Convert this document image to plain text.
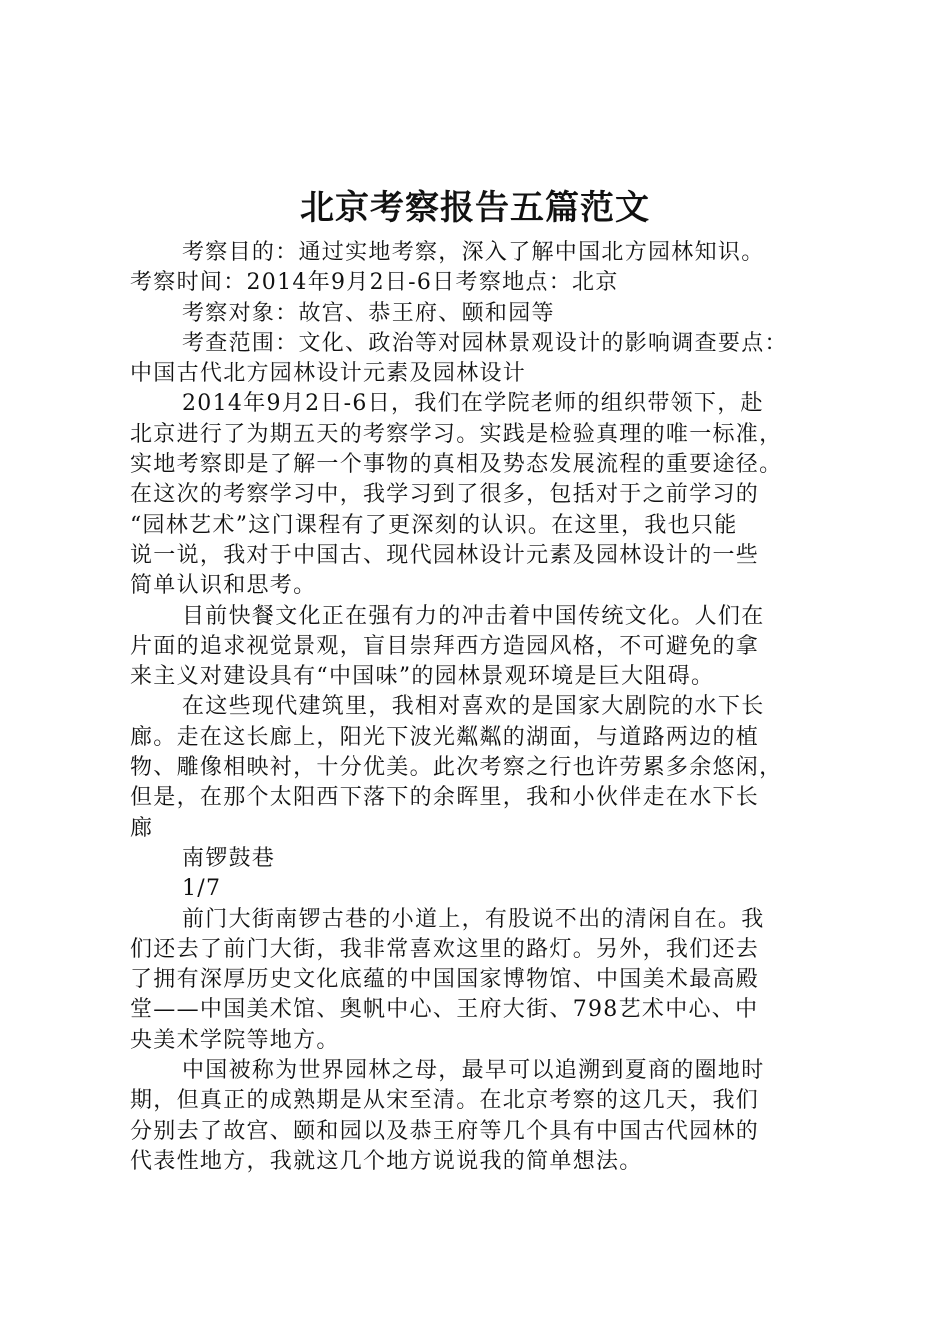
北京考察报告五篇范文
考察目的：通过实地考察，深入了解中国北方园林知识。
考察时间：2014年9月2日-6日考察地点：北京
考察对象：故宫、恭王府、颐和园等
考查范围：文化、政治等对园林景观设计的影响调查要点：
中国古代北方园林设计元素及园林设计
2014年9月2日-6日，我们在学院老师的组织带领下，赴
北京进行了为期五天的考察学习。实践是检验真理的唯一标准，
实地考察即是了解一个事物的真相及势态发展流程的重要途径。
在这次的考察学习中，我学习到了很多，包括对于之前学习的
“园林艺术”这门课程有了更深刻的认识。在这里，我也只能
说一说，我对于中国古、现代园林设计元素及园林设计的一些
简单认识和思考。
目前快餐文化正在强有力的冲击着中国传统文化。人们在
片面的追求视觉景观，盲目崇拜西方造园风格，不可避免的拿
来主义对建设具有“中国味”的园林景观环境是巨大阻碍。
在这些现代建筑里，我相对喜欢的是国家大剧院的水下长
廊。走在这长廊上，阳光下波光粼粼的湖面，与道路两边的植
物、雕像相映衬，十分优美。此次考察之行也许劳累多余悠闲，
但是，在那个太阳西下落下的余晖里，我和小伙伴走在水下长
廊
南锣鼓巷
1/7
前门大街南锣古巷的小道上，有股说不出的清闲自在。我
们还去了前门大街，我非常喜欢这里的路灯。另外，我们还去
了拥有深厚历史文化底蕴的中国国家博物馆、中国美术最高殿
堂——中国美术馆、奥帆中心、王府大街、798艺术中心、中
央美术学院等地方。
中国被称为世界园林之母，最早可以追溯到夏商的圈地时
期，但真正的成熟期是从宋至清。在北京考察的这几天，我们
分别去了故宫、颐和园以及恭王府等几个具有中国古代园林的
代表性地方，我就这几个地方说说我的简单想法。
